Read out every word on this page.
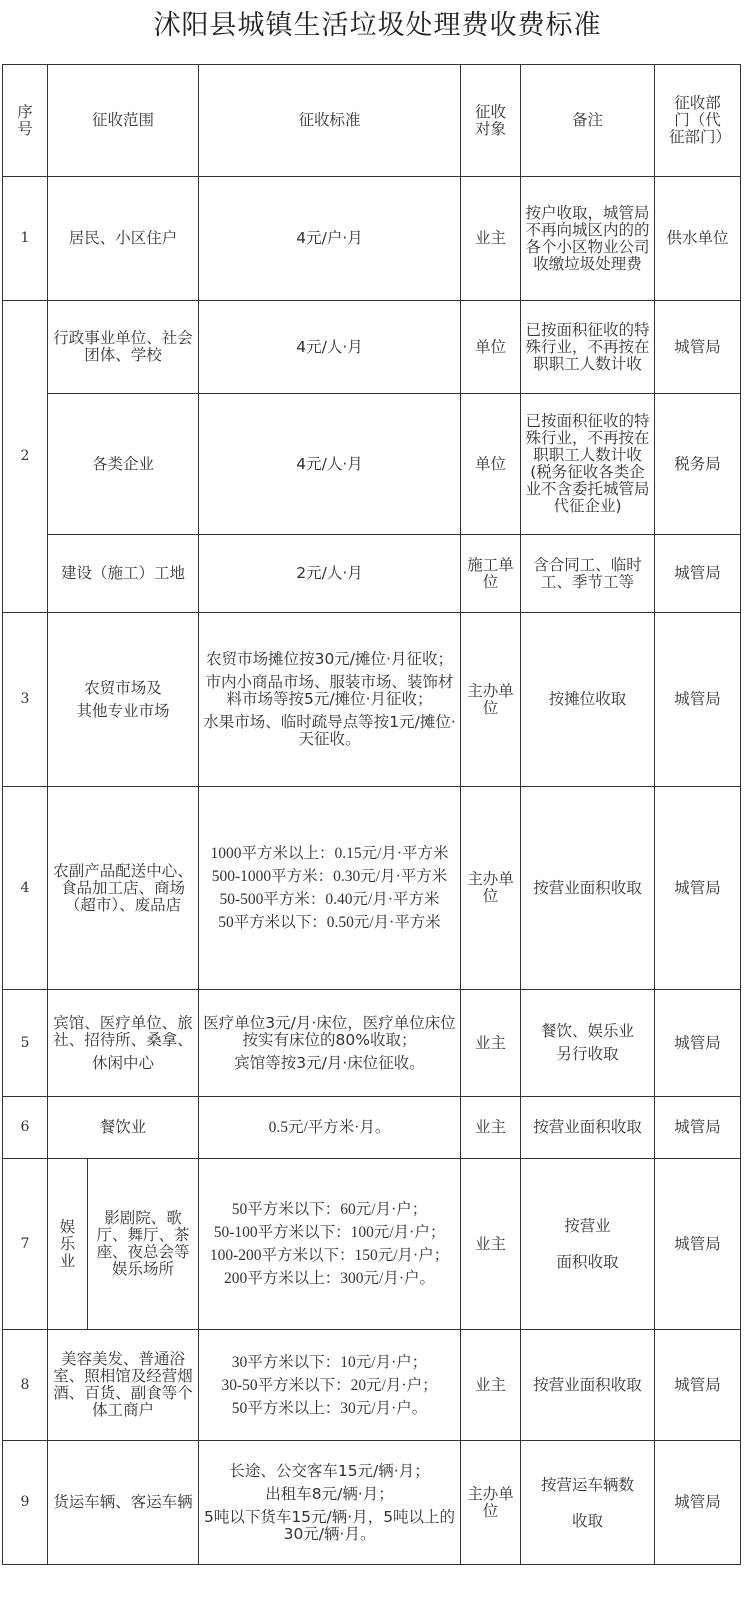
沭阳县城镇生活垃圾处理费收费标准
序号	征收范围		征收标准	征收对象	备注	征收部门（代征部门）
1	居民、小区住户		4元/户·月	业主	按户收取，城管局不再向城区内的的各个小区物业公司收缴垃圾处理费	供水单位
2	行政事业单位、社会团体、学校		4元/人·月	单位	已按面积征收的特殊行业，不再按在职职工人数计收	城管局
	各类企业		4元/人·月	单位	已按面积征收的特殊行业，不再按在职职工人数计收(税务征收各类企业不含委托城管局代征企业)	税务局
	建设（施工）工地		2元/人·月	施工单位	含合同工、临时工、季节工等	城管局
3	农贸市场及
其他专业市场		农贸市场摊位按30元/摊位·月征收；
市内小商品市场、服装市场、装饰材料市场等按5元/摊位·月征收；
水果市场、临时疏导点等按1元/摊位·天征收。	主办单位	按摊位收取	城管局
4	农副产品配送中心、食品加工店、商场（超市）、废品店		1000平方米以上：0.15元/月·平方米
500-1000平方米：0.30元/月·平方米
50-500平方米：0.40元/月·平方米
50平方米以下：0.50元/月·平方米	主办单位	按营业面积收取	城管局
5	宾馆、医疗单位、旅社、招待所、桑拿、
休闲中心		医疗单位3元/月·床位，医疗单位床位按实有床位的80%收取；
宾馆等按3元/月·床位征收。	业主	餐饮、娱乐业
另行收取	城管局
6	餐饮业		0.5元/平方米·月。	业主	按营业面积收取	城管局
7	娱乐业	影剧院、歌厅、舞厅、茶座、夜总会等娱乐场所	50平方米以下：60元/月·户；
50-100平方米以下：100元/月·户；
100-200平方米以下：150元/月·户；
200平方米以上：300元/月·户。	业主	按营业
面积收取	城管局
8	美容美发、普通浴室、照相馆及经营烟酒、百货、副食等个体工商户		30平方米以下：10元/月·户；
30-50平方米以下：20元/月·户；
50平方米以上：30元/月·户。	业主	按营业面积收取	城管局
9	货运车辆、客运车辆		长途、公交客车15元/辆·月；
出租车8元/辆·月；
5吨以下货车15元/辆·月，5吨以上的30元/辆·月。	主办单位	按营运车辆数
收取	城管局
